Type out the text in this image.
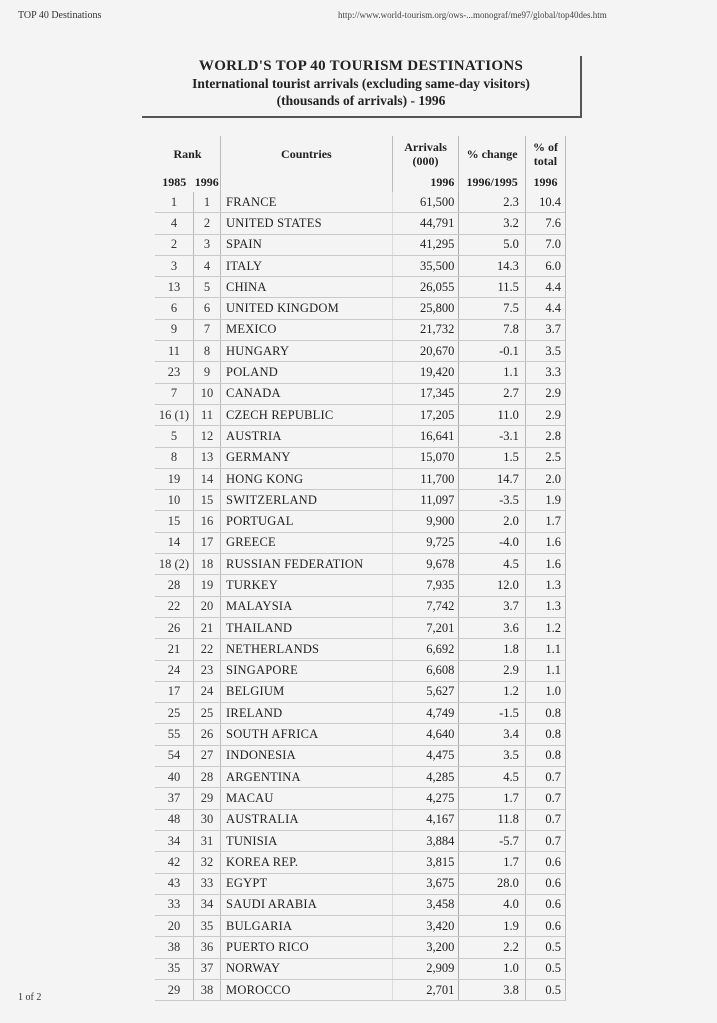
TOP 40 Destinations	http://www.world-tourism.org/ows-...monograf/me97/global/top40des.htm
WORLD'S TOP 40 TOURISM DESTINATIONS
International tourist arrivals (excluding same-day visitors)
(thousands of arrivals) - 1996
Rank		Countries	Arrivals (000)	% change	% of total
1985	1996		1996	1996/1995	1996
1	1	FRANCE	61,500	2.3	10.4
4	2	UNITED STATES	44,791	3.2	7.6
2	3	SPAIN	41,295	5.0	7.0
3	4	ITALY	35,500	14.3	6.0
13	5	CHINA	26,055	11.5	4.4
6	6	UNITED KINGDOM	25,800	7.5	4.4
9	7	MEXICO	21,732	7.8	3.7
11	8	HUNGARY	20,670	-0.1	3.5
23	9	POLAND	19,420	1.1	3.3
7	10	CANADA	17,345	2.7	2.9
16 (1)	11	CZECH REPUBLIC	17,205	11.0	2.9
5	12	AUSTRIA	16,641	-3.1	2.8
8	13	GERMANY	15,070	1.5	2.5
19	14	HONG KONG	11,700	14.7	2.0
10	15	SWITZERLAND	11,097	-3.5	1.9
15	16	PORTUGAL	9,900	2.0	1.7
14	17	GREECE	9,725	-4.0	1.6
18 (2)	18	RUSSIAN FEDERATION	9,678	4.5	1.6
28	19	TURKEY	7,935	12.0	1.3
22	20	MALAYSIA	7,742	3.7	1.3
26	21	THAILAND	7,201	3.6	1.2
21	22	NETHERLANDS	6,692	1.8	1.1
24	23	SINGAPORE	6,608	2.9	1.1
17	24	BELGIUM	5,627	1.2	1.0
25	25	IRELAND	4,749	-1.5	0.8
55	26	SOUTH AFRICA	4,640	3.4	0.8
54	27	INDONESIA	4,475	3.5	0.8
40	28	ARGENTINA	4,285	4.5	0.7
37	29	MACAU	4,275	1.7	0.7
48	30	AUSTRALIA	4,167	11.8	0.7
34	31	TUNISIA	3,884	-5.7	0.7
42	32	KOREA REP.	3,815	1.7	0.6
43	33	EGYPT	3,675	28.0	0.6
33	34	SAUDI ARABIA	3,458	4.0	0.6
20	35	BULGARIA	3,420	1.9	0.6
38	36	PUERTO RICO	3,200	2.2	0.5
35	37	NORWAY	2,909	1.0	0.5
29	38	MOROCCO	2,701	3.8	0.5
1 of 2
